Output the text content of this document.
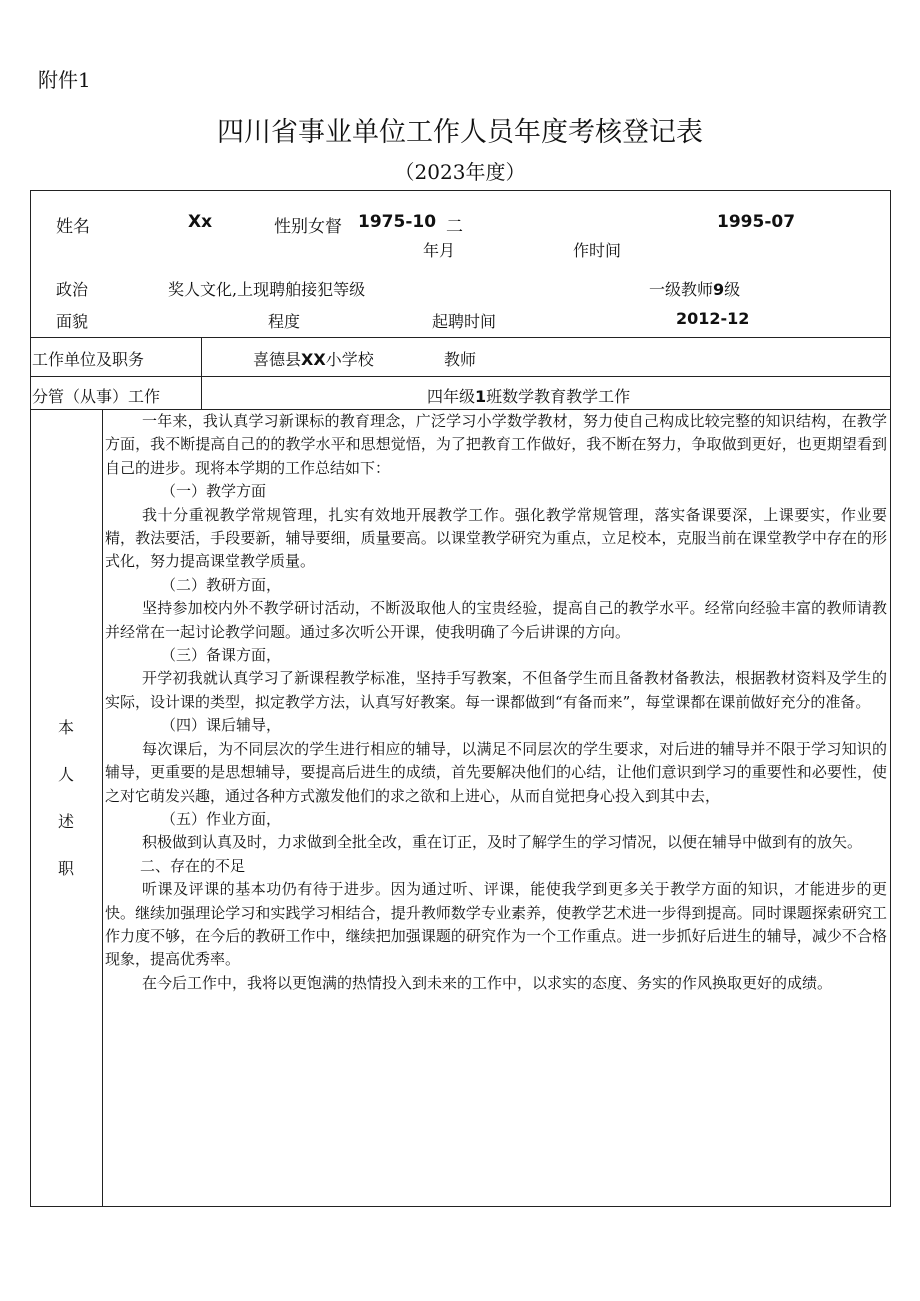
附件1
四川省事业单位工作人员年度考核登记表
（2023年度）
姓名	Xx	性别女督 1975-10 二	1995-07
年月	作时间
政治	奖人文化,上现聘舶接犯等级	一级教师9级
面貌	程度	起聘时间	2012-12
工作单位及职务	喜德县XX小学校	教师
分管（从事）工作	四年级1班数学教育教学工作
本
人
述
职

一年来，我认真学习新课标的教育理念，广泛学习小学数学教材，努力使自己构成比较完整的知识结构，在教学方面，我不断提高自己的的教学水平和思想觉悟，为了把教育工作做好，我不断在努力，争取做到更好，也更期望看到自己的进步。现将本学期的工作总结如下：

（一）教学方面

我十分重视教学常规管理，扎实有效地开展教学工作。强化教学常规管理，落实备课要深，上课要实，作业要精，教法要活，手段要新，辅导要细，质量要高。以课堂教学研究为重点，立足校本，克服当前在课堂教学中存在的形式化，努力提高课堂教学质量。

（二）教研方面，

坚持参加校内外不教学研讨活动，不断汲取他人的宝贵经验，提高自己的教学水平。经常向经验丰富的教师请教并经常在一起讨论教学问题。通过多次听公开课，使我明确了今后讲课的方向。

（三）备课方面，

开学初我就认真学习了新课程教学标准，坚持手写教案，不但备学生而且备教材备教法，根据教材资料及学生的实际，设计课的类型，拟定教学方法，认真写好教案。每一课都做到“有备而来”，每堂课都在课前做好充分的准备。

（四）课后辅导，

每次课后，为不同层次的学生进行相应的辅导，以满足不同层次的学生要求，对后进的辅导并不限于学习知识的辅导，更重要的是思想辅导，要提高后进生的成绩，首先要解决他们的心结，让他们意识到学习的重要性和必要性，使之对它萌发兴趣，通过各种方式激发他们的求之欲和上进心，从而自觉把身心投入到其中去，

（五）作业方面，

积极做到认真及时，力求做到全批全改，重在订正，及时了解学生的学习情况，以便在辅导中做到有的放矢。

二、存在的不足

听课及评课的基本功仍有待于进步。因为通过听、评课，能使我学到更多关于教学方面的知识，才能进步的更快。继续加强理论学习和实践学习相结合，提升教师数学专业素养，使教学艺术进一步得到提高。同时课题探索研究工作力度不够，在今后的教研工作中，继续把加强课题的研究作为一个工作重点。进一步抓好后进生的辅导，减少不合格现象，提高优秀率。

在今后工作中，我将以更饱满的热情投入到未来的工作中，以求实的态度、务实的作风换取更好的成绩。
